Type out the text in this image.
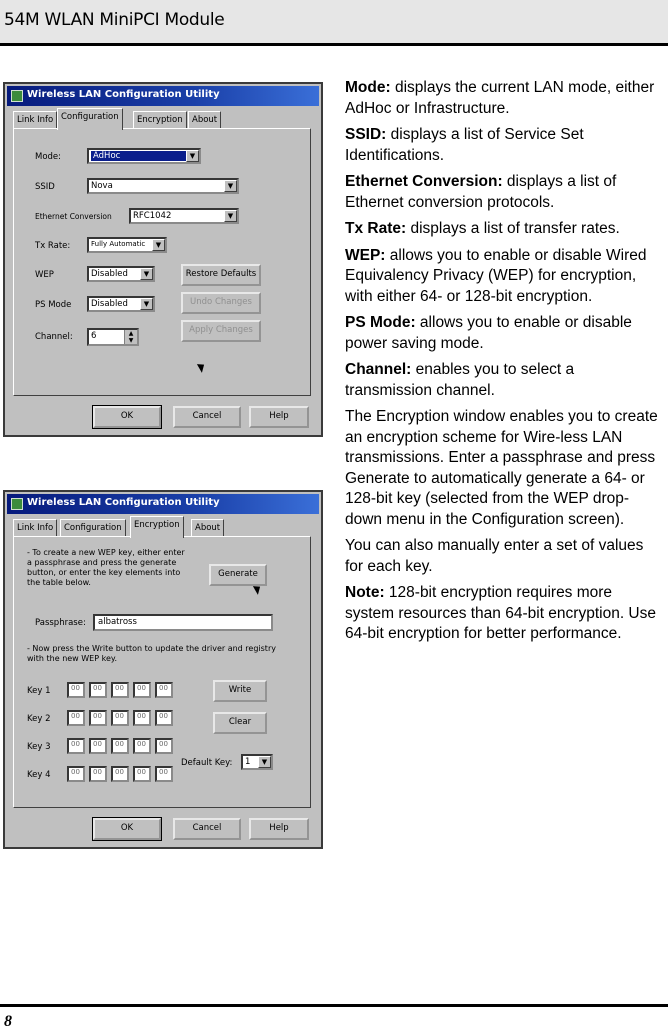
54M WLAN MiniPCI Module
Wireless LAN Configuration Utility
Link Info Configuration	Encryption	About
Mode:	AdHoc	▼
SSID	Nova	▼
Ethernet Conversion	RFC1042	▼
Tx Rate:	Fully Automatic	▼
WEP	Disabled	▼	Restore Defaults
PS Mode Disabled	▼	Undo Changes
Channel:	6	▲
▼
Apply Changes
OK	Cancel	Help
Wireless LAN Configuration Utility
Link Info	Configuration	Encryption	About
- To create a new WEP key, either enter a passphrase and press the generate button, or enter the key elements into the table below.
Generate
Passphrase:	albatross
- Now press the Write button to update the driver and registry with the new WEP key.
Key 1	00	00	00	00	00	Write
Key 2	00	00	00	00	00
Clear
Key 3	00	00	00	00	00
Key 4	00	00	00	00	00
Default Key: 1	▼
OK	Cancel	Help

Mode: displays the current LAN mode, either AdHoc or Infrastructure.

SSID: displays a list of Service Set Identifications.

Ethernet Conversion: displays a list of Ethernet conversion protocols.

Tx Rate: displays a list of transfer rates.

WEP: allows you to enable or disable Wired Equivalency Privacy (WEP) for encryption, with either 64- or 128-bit encryption.

PS Mode: allows you to enable or disable power saving mode.

Channel: enables you to select a transmission channel.

The Encryption window enables you to create an encryption scheme for Wire-less LAN transmissions. Enter a passphrase and press Generate to automatically generate a 64- or 128-bit key (selected from the WEP drop-down menu in the Configuration screen).

You can also manually enter a set of values for each key.

Note: 128-bit encryption requires more system resources than 64-bit encryption. Use 64-bit encryption for better performance.

8
